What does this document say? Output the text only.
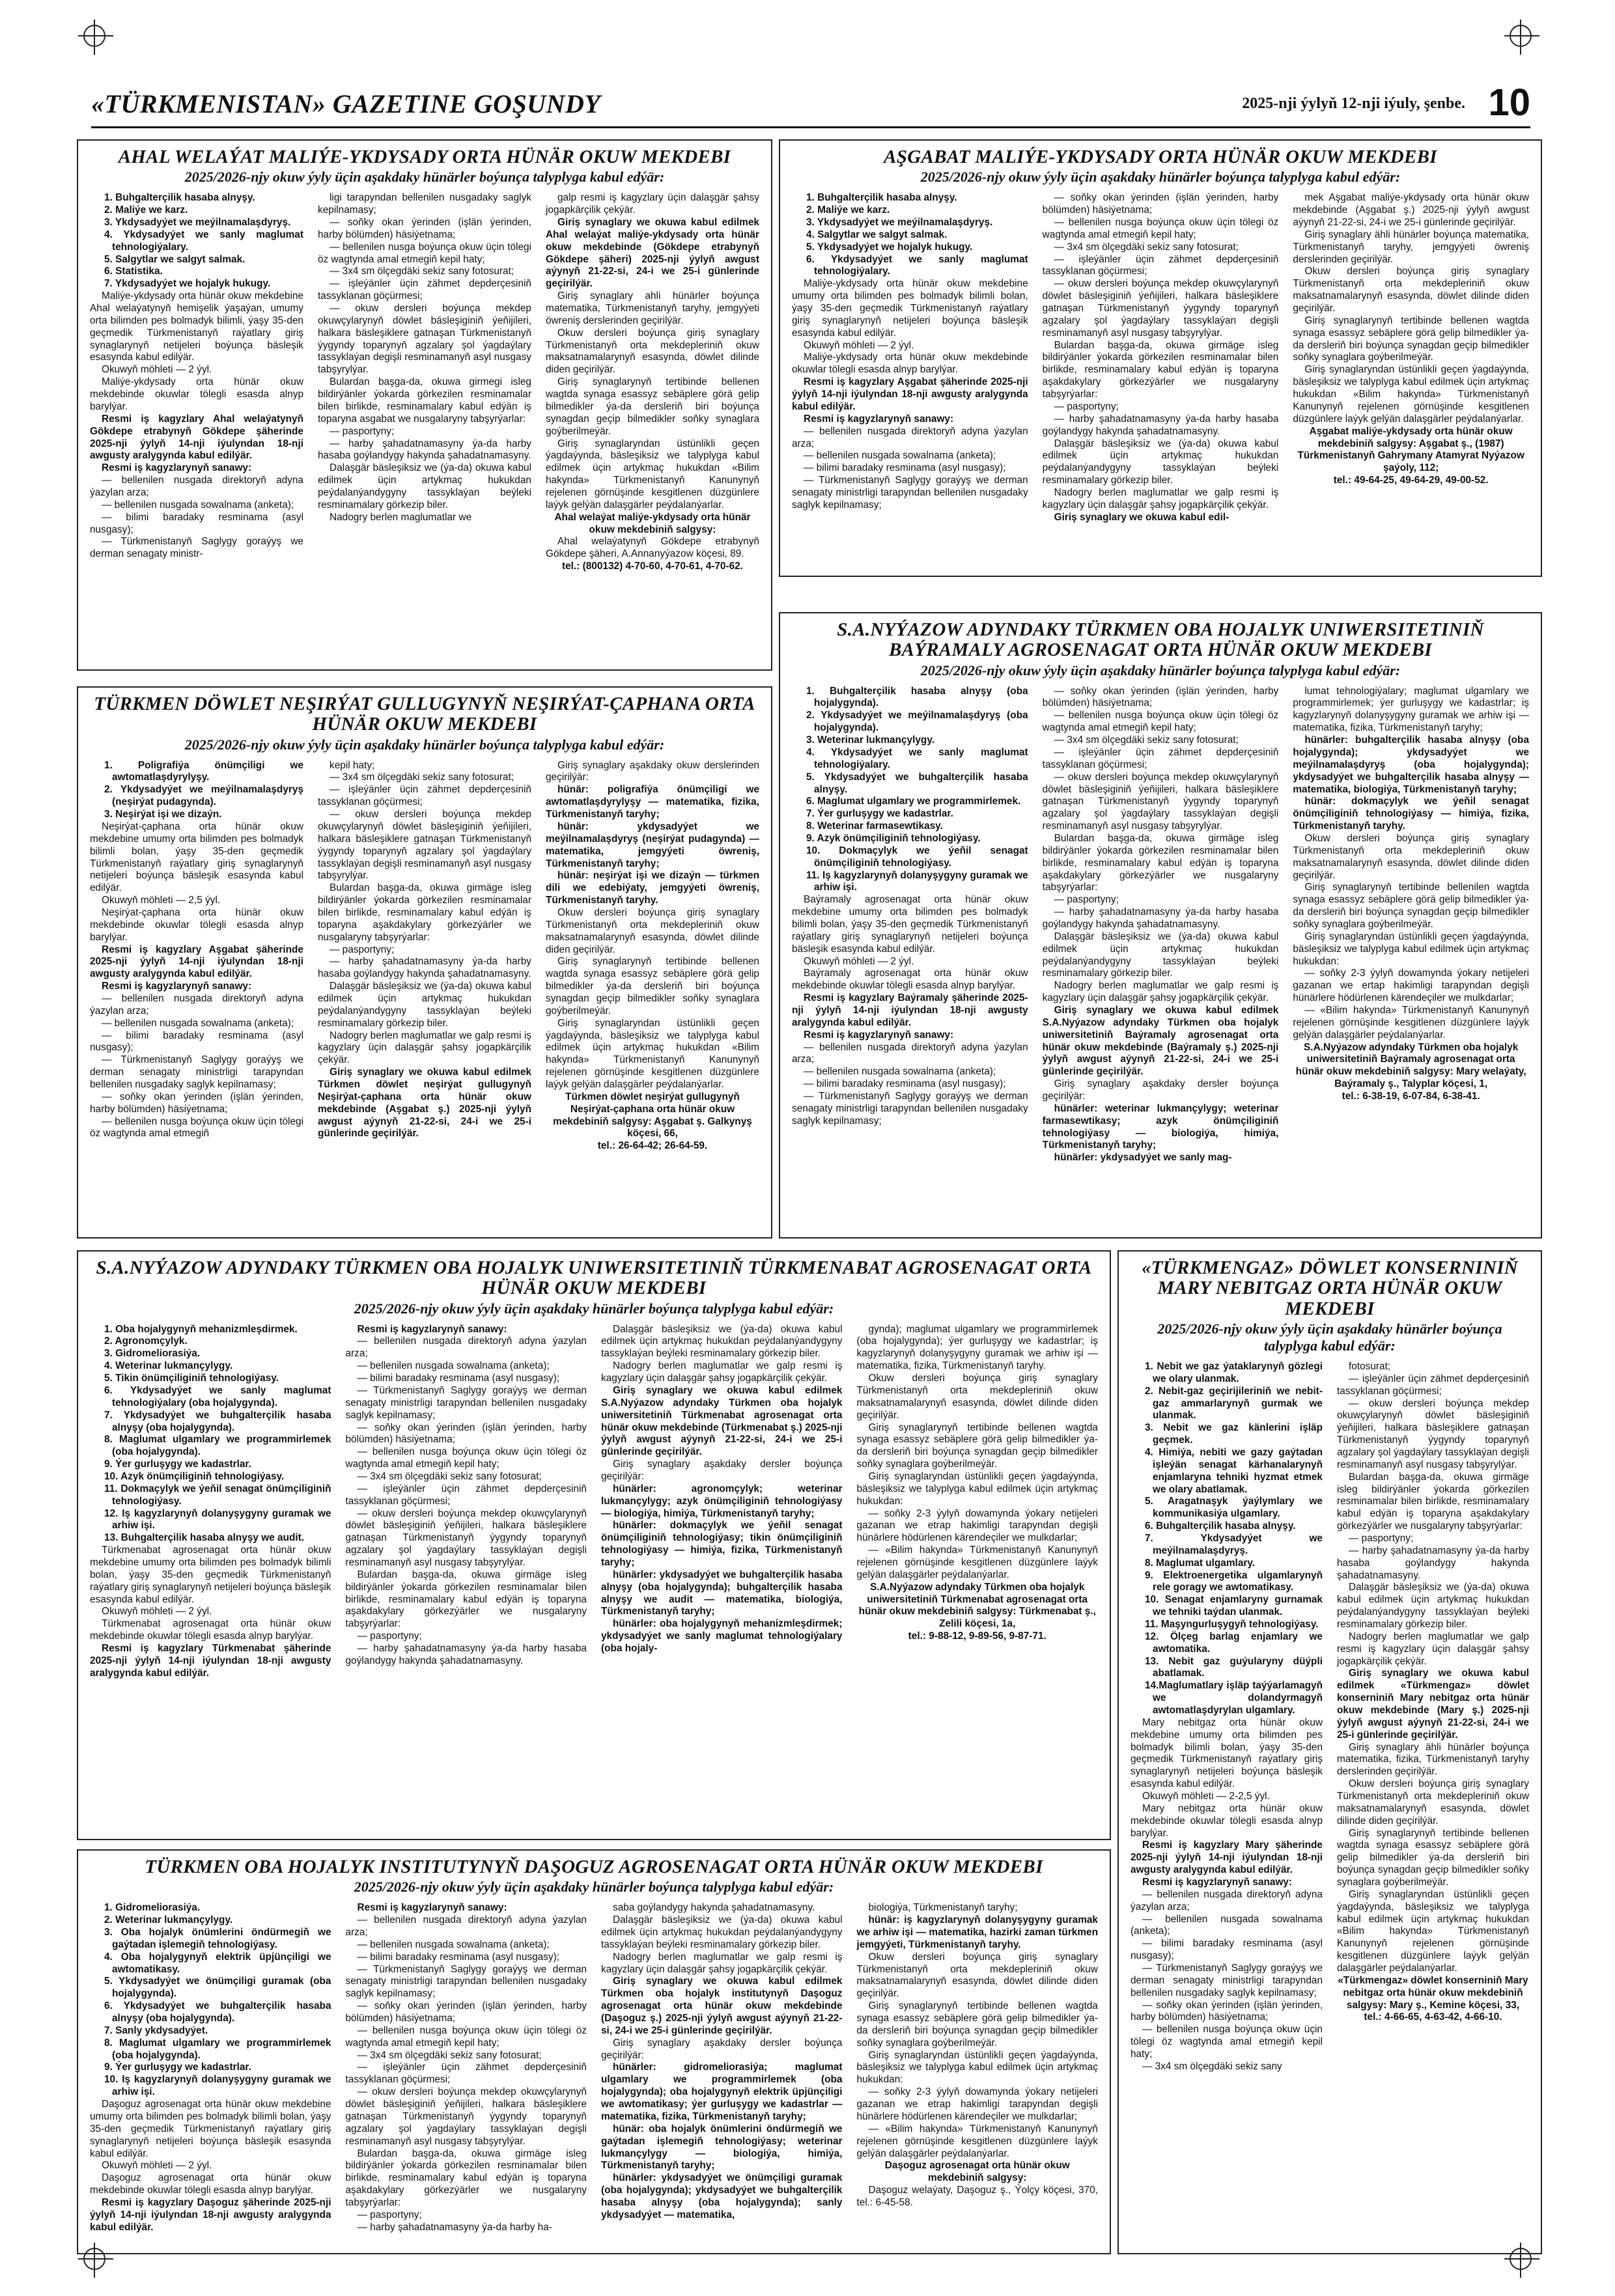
«TÜRKMENISTAN» GAZETINE GOŞUNDY	2025-nji ýylyň 12-nji iýuly, şenbe. 10
AHAL WELAÝAT MALIÝE-YKDYSADY ORTA HÜNÄR OKUW MEKDEBI
2025/2026-njy okuw ýyly üçin aşakdaky hünärler boýunça talyplyga kabul edýär:

1. Buhgalterçilik hasaba alnyşy.

2. Maliýe we karz.

3. Ykdysadyýet we meýilnamalaşdyryş.

4. Ykdysadyýet we sanly maglumat tehnologiýalary.

5. Salgytlar we salgyt salmak.

6. Statistika.

7. Ykdysadyýet we hojalyk hukugy.

Maliýe-ykdysady orta hünär okuw mekdebine Ahal welaýatynyň hemişelik ýaşaýan, umumy orta bilimden pes bolmadyk bilimli, ýaşy 35-den geçmedik Türkmenistanyň raýatlary giriş synaglarynyň netijeleri boýunça bäsleşik esasynda kabul edilýär.

Okuwyň möhleti — 2 ýyl.

Maliýe-ykdysady orta hünär okuw mekdebinde okuwlar tölegli esasda alnyp barylýar.

Resmi iş kagyzlary Ahal welaýatynyň Gökdepe etrabynyň Gökdepe şäherinde 2025-nji ýylyň 14-nji iýulyndan 18-nji awgusty aralygynda kabul edilýär.

Resmi iş kagyzlarynyň sanawy:

— bellenilen nusgada direktoryň adyna ýazylan arza;

— bellenilen nusgada sowalnama (anketa);

— bilimi baradaky resminama (asyl nusgasy);

— Türkmenistanyň Saglygy goraýyş we derman senagaty ministr-

ligi tarapyndan bellenilen nusgadaky saglyk kepilnamasy;

— soňky okan ýerinden (işlän ýerinden, harby bölümden) häsiýetnama;

— bellenilen nusga boýunça okuw üçin tölegi öz wagtynda amal etmegiň kepil haty;

— 3x4 sm ölçegdäki sekiz sany fotosurat;

— işleýänler üçin zähmet depderçesiniň tassyklanan göçürmesi;

— okuw dersleri boýunça mekdep okuwçylarynyň döwlet bäsleşiginiň ýeňijileri, halkara bäsleşiklere gatnaşan Türkmenistanyň ýygyndy toparynyň agzalary şol ýagdaýlary tassyklaýan degişli resminamanyň asyl nusgasy tabşyrylýar.

Bulardan başga-da, okuwa girmegi isleg bildirýänler ýokarda görkezilen resminamalar bilen birlikde, resminamalary kabul edýän iş toparyna asgabat we nusgalaryny tabşyrýarlar:

— pasportyny;

— harby şahadatnamasyny ýa-da harby hasaba goýlandygy hakynda şahadatnamasyny.

Dalaşgär bäsleşiksiz we (ýa-da) okuwa kabul edilmek üçin artykmaç hukukdan peýdalanýandygyny tassyklaýan beýleki resminamalary görkezip biler.

Nadogry berlen maglumatlar we

galp resmi iş kagyzlary üçin dalaşgär şahsy jogapkärçilik çekýär.

Giriş synaglary we okuwa kabul edilmek Ahal welaýat maliýe-ykdysady orta hünär okuw mekdebinde (Gökdepe etrabynyň Gökdepe şäheri) 2025-nji ýylyň awgust aýynyň 21-22-si, 24-i we 25-i günlerinde geçirilýär.

Giriş synaglary ahli hünärler boýunça matematika, Türkmenistanyň taryhy, jemgyýeti öwreniş derslerinden geçirilýär.

Okuw dersleri boýunça giriş synaglary Türkmenistanyň orta mekdepleriniň okuw maksatnamalarynyň esasynda, döwlet dilinde diden geçirilýär.

Giriş synaglarynyň tertibinde bellenen wagtda synaga esassyz sebäplere görä gelip bilmedikler ýa-da dersleriň biri boýunça synagdan geçip bilmedikler soňky synaglara goýberilmeýär.

Giriş synaglaryndan üstünlikli geçen ýagdaýynda, bäsleşiksiz we talyplyga kabul edilmek üçin artykmaç hukukdan «Bilim hakynda» Türkmenistanyň Kanunynyň rejelenen görnüşinde kesgitlenen düzgünlere laýyk gelýän dalaşgärler peýdalanýarlar.

Ahal welaýat maliýe-ykdysady orta hünär okuw mekdebiniň salgysy:

Ahal welaýatynyň Gökdepe etrabynyň Gökdepe şäheri, A.Annanyýazow köçesi, 89.

tel.: (800132) 4-70-60, 4-70-61, 4-70-62.

AŞGABAT MALIÝE-YKDYSADY ORTA HÜNÄR OKUW MEKDEBI
2025/2026-njy okuw ýyly üçin aşakdaky hünärler boýunça talyplyga kabul edýär:

1. Buhgalterçilik hasaba alnyşy.

2. Maliýe we karz.

3. Ykdysadyýet we meýilnamalaşdyryş.

4. Salgytlar we salgyt salmak.

5. Ykdysadyýet we hojalyk hukugy.

6. Ykdysadyýet we sanly maglumat tehnologiýalary.

Maliýe-ykdysady orta hünär okuw mekdebine umumy orta bilimden pes bolmadyk bilimli bolan, ýaşy 35-den geçmedik Türkmenistanyň raýatlary giriş synaglarynyň netijeleri boýunça bäsleşik esasynda kabul edilýär.

Okuwyň möhleti — 2 ýyl.

Maliýe-ykdysady orta hünär okuw mekdebinde okuwlar tölegli esasda alnyp barylýar.

Resmi iş kagyzlary Aşgabat şäherinde 2025-nji ýylyň 14-nji iýulyndan 18-nji awgusty aralygynda kabul edilýär.

Resmi iş kagyzlarynyň sanawy:

— bellenilen nusgada direktoryň adyna ýazylan arza;

— bellenilen nusgada sowalnama (anketa);

— bilimi baradaky resminama (asyl nusgasy);

— Türkmenistanyň Saglygy goraýyş we derman senagaty ministrligi tarapyndan bellenilen nusgadaky saglyk kepilnamasy;

— soňky okan ýerinden (işlän ýerinden, harby bölümden) häsiýetnama;

— bellenilen nusga boýunça okuw üçin tölegi öz wagtynda amal etmegiň kepil haty;

— 3x4 sm ölçegdäki sekiz sany fotosurat;

— işleýänler üçin zähmet depderçesiniň tassyklanan göçürmesi;

— okuw dersleri boýunça mekdep okuwçylarynyň döwlet bäsleşiginiň ýeňijileri, halkara bäsleşiklere gatnaşan Türkmenistanyň ýygyndy toparynyň agzalary şol ýagdaýlary tassyklaýan degişli resminamanyň asyl nusgasy tabşyrylýar.

Bulardan başga-da, okuwa girmäge isleg bildirýänler ýokarda görkezilen resminamalar bilen birlikde, resminamalary kabul edýän iş toparyna aşakdakylary görkezýärler we nusgalaryny tabşyrýarlar:

— pasportyny;

— harby şahadatnamasyny ýa-da harby hasaba goýlandygy hakynda şahadatnamasyny.

Dalaşgär bäsleşiksiz we (ýa-da) okuwa kabul edilmek üçin artykmaç hukukdan peýdalanýandygyny tassyklaýan beýleki resminamalary görkezip biler.

Nadogry berlen maglumatlar we galp resmi iş kagyzlary üçin dalaşgär şahsy jogapkärçilik çekýär.

Giriş synaglary we okuwa kabul edil-

mek Aşgabat maliýe-ykdysady orta hünär okuw mekdebinde (Aşgabat ş.) 2025-nji ýylyň awgust aýynyň 21-22-si, 24-i we 25-i günlerinde geçirilýär.

Giriş synaglary ähli hünärler boýunça matematika, Türkmenistanyň taryhy, jemgyýeti öwreniş derslerinden geçirilýär.

Okuw dersleri boýunça giriş synaglary Türkmenistanyň orta mekdepleriniň okuw maksatnamalarynyň esasynda, döwlet dilinde diden geçirilýär.

Giriş synaglarynyň tertibinde bellenen wagtda synaga esassyz sebäplere görä gelip bilmedikler ýa-da dersleriň biri boýunça synagdan geçip bilmedikler soňky synaglara goýberilmeýär.

Giriş synaglaryndan üstünlikli geçen ýagdaýynda, bäsleşiksiz we talyplyga kabul edilmek üçin artykmaç hukukdan «Bilim hakynda» Türkmenistanyň Kanunynyň rejelenen görnüşinde kesgitlenen düzgünlere laýyk gelýän dalaşgärler peýdalanýarlar.

Aşgabat maliýe-ykdysady orta hünär okuw mekdebiniň salgysy: Aşgabat ş., (1987) Türkmenistanyň Gahrymany Atamyrat Nyýazow şaýoly, 112;

tel.: 49-64-25, 49-64-29, 49-00-52.

TÜRKMEN DÖWLET NEŞIRÝAT GULLUGYNYŇ NEŞIRÝAT-ÇAPHANA ORTA HÜNÄR OKUW MEKDEBI
2025/2026-njy okuw ýyly üçin aşakdaky hünärler boýunça talyplyga kabul edýär:

1. Poligrafiýa önümçiligi we awtomatlaşdyrylyşy.

2. Ykdysadyýet we meýilnamalaşdyryş (neşirýat pudagynda).

3. Neşirýat işi we dizaýn.

Neşirýat-çaphana orta hünär okuw mekdebine umumy orta bilimden pes bolmadyk bilimli bolan, ýaşy 35-den geçmedik Türkmenistanyň raýatlary giriş synaglarynyň netijeleri boýunça bäsleşik esasynda kabul edilýär.

Okuwyň möhleti — 2,5 ýyl.

Neşirýat-çaphana orta hünär okuw mekdebinde okuwlar tölegli esasda alnyp barylýar.

Resmi iş kagyzlary Aşgabat şäherinde 2025-nji ýylyň 14-nji iýulyndan 18-nji awgusty aralygynda kabul edilýär.

Resmi iş kagyzlarynyň sanawy:

— bellenilen nusgada direktoryň adyna ýazylan arza;

— bellenilen nusgada sowalnama (anketa);

— bilimi baradaky resminama (asyl nusgasy);

— Türkmenistanyň Saglygy goraýyş we derman senagaty ministrligi tarapyndan bellenilen nusgadaky saglyk kepilnamasy;

— soňky okan ýerinden (işlän ýerinden, harby bölümden) häsiýetnama;

— bellenilen nusga boýunça okuw üçin tölegi öz wagtynda amal etmegiň

kepil haty;

— 3x4 sm ölçegdäki sekiz sany fotosurat;

— işleýänler üçin zähmet depderçesiniň tassyklanan göçürmesi;

— okuw dersleri boýunça mekdep okuwçylarynyň döwlet bäsleşiginiň ýeňijileri, halkara bäsleşiklere gatnaşan Türkmenistanyň ýygyndy toparynyň agzalary şol ýagdaýlary tassyklaýan degişli resminamanyň asyl nusgasy tabşyrylýar.

Bulardan başga-da, okuwa girmäge isleg bildirýänler ýokarda görkezilen resminamalar bilen birlikde, resminamalary kabul edýän iş toparyna aşakdakylary görkezýärler we nusgalaryny tabşyrýarlar:

— pasportyny;

— harby şahadatnamasyny ýa-da harby hasaba goýlandygy hakynda şahadatnamasyny.

Dalaşgär bäsleşiksiz we (ýa-da) okuwa kabul edilmek üçin artykmaç hukukdan peýdalanýandygyny tassyklaýan beýleki resminamalary görkezip biler.

Nadogry berlen maglumatlar we galp resmi iş kagyzlary üçin dalaşgär şahsy jogapkärçilik çekýär.

Giriş synaglary we okuwa kabul edilmek Türkmen döwlet neşirýat gullugynyň Neşirýat-çaphana orta hünär okuw mekdebinde (Aşgabat ş.) 2025-nji ýylyň awgust aýynyň 21-22-si, 24-i we 25-i günlerinde geçirilýär.

Giriş synaglary aşakdaky okuw derslerinden geçirilýär:

hünär: poligrafiýa önümçiligi we awtomatlaşdyrylyşy — matematika, fizika, Türkmenistanyň taryhy;

hünär: ykdysadyýet we meýilnamalaşdyryş (neşirýat pudagynda) — matematika, jemgyýeti öwreniş, Türkmenistanyň taryhy;

hünär: neşirýat işi we dizaýn — türkmen dili we edebiýaty, jemgyýeti öwreniş, Türkmenistanyň taryhy.

Okuw dersleri boýunça giriş synaglary Türkmenistanyň orta mekdepleriniň okuw maksatnamalarynyň esasynda, döwlet dilinde diden geçirilýär.

Giriş synaglarynyň tertibinde bellenen wagtda synaga esassyz sebäplere görä gelip bilmedikler ýa-da dersleriň biri boýunça synagdan geçip bilmedikler soňky synaglara goýberilmeýär.

Giriş synaglaryndan üstünlikli geçen ýagdaýynda, bäsleşiksiz we talyplyga kabul edilmek üçin artykmaç hukukdan «Bilim hakynda» Türkmenistanyň Kanunynyň rejelenen görnüşinde kesgitlenen düzgünlere laýyk gelýän dalaşgärler peýdalanýarlar.

Türkmen döwlet neşirýat gullugynyň Neşirýat-çaphana orta hünär okuw mekdebiniň salgysy: Aşgabat ş. Galkynyş köçesi, 66,

tel.: 26-64-42; 26-64-59.

S.A.NYÝAZOW ADYNDAKY TÜRKMEN OBA HOJALYK UNIWERSITETINIŇ BAÝRAMALY AGROSENAGAT ORTA HÜNÄR OKUW MEKDEBI
2025/2026-njy okuw ýyly üçin aşakdaky hünärler boýunça talyplyga kabul edýär:

1. Buhgalterçilik hasaba alnyşy (oba hojalygynda).

2. Ykdysadyýet we meýilnamalaşdyryş (oba hojalygynda).

3. Weterinar lukmançylygy.

4. Ykdysadyýet we sanly maglumat tehnologiýalary.

5. Ykdysadyýet we buhgalterçilik hasaba alnyşy.

6. Maglumat ulgamlary we programmirlemek.

7. Ýer gurluşygy we kadastrlar.

8. Weterinar farmasewtikasy.

9. Azyk önümçiliginiň tehnologiýasy.

10. Dokmaçylyk we ýeňil senagat önümçiliginiň tehnologiýasy.

11. Iş kagyzlarynyň dolanyşygyny guramak we arhiw işi.

Baýramaly agrosenagat orta hünär okuw mekdebine umumy orta bilimden pes bolmadyk bilimli bolan, ýaşy 35-den geçmedik Türkmenistanyň raýatlary giriş synaglarynyň netijeleri boýunça bäsleşik esasynda kabul edilýär.

Okuwyň möhleti — 2 ýyl.

Baýramaly agrosenagat orta hünär okuw mekdebinde okuwlar tölegli esasda alnyp barylýar.

Resmi iş kagyzlary Baýramaly şäherinde 2025-nji ýylyň 14-nji iýulyndan 18-nji awgusty aralygynda kabul edilýär.

Resmi iş kagyzlarynyň sanawy:

— bellenilen nusgada direktoryň adyna ýazylan arza;

— bellenilen nusgada sowalnama (anketa);

— bilimi baradaky resminama (asyl nusgasy);

— Türkmenistanyň Saglygy goraýyş we derman senagaty ministrligi tarapyndan bellenilen nusgadaky saglyk kepilnamasy;

— soňky okan ýerinden (işlän ýerinden, harby bölümden) häsiýetnama;

— bellenilen nusga boýunça okuw üçin tölegi öz wagtynda amal etmegiň kepil haty;

— 3x4 sm ölçegdäki sekiz sany fotosurat;

— işleýänler üçin zähmet depderçesiniň tassyklanan göçürmesi;

— okuw dersleri boýunça mekdep okuwçylarynyň döwlet bäsleşiginiň ýeňijileri, halkara bäsleşiklere gatnaşan Türkmenistanyň ýygyndy toparynyň agzalary şol ýagdaýlary tassyklaýan degişli resminamanyň asyl nusgasy tabşyrylýar.

Bulardan başga-da, okuwa girmäge isleg bildirýänler ýokarda görkezilen resminamalar bilen birlikde, resminamalary kabul edýän iş toparyna aşakdakylary görkezýärler we nusgalaryny tabşyrýarlar:

— pasportyny;

— harby şahadatnamasyny ýa-da harby hasaba goýlandygy hakynda şahadatnamasyny.

Dalaşgär bäsleşiksiz we (ýa-da) okuwa kabul edilmek üçin artykmaç hukukdan peýdalanýandygyny tassyklaýan beýleki resminamalary görkezip biler.

Nadogry berlen maglumatlar we galp resmi iş kagyzlary üçin dalaşgär şahsy jogapkärçilik çekýär.

Giriş synaglary we okuwa kabul edilmek S.A.Nyýazow adyndaky Türkmen oba hojalyk uniwersitetiniň Baýramaly agrosenagat orta hünär okuw mekdebinde (Baýramaly ş.) 2025-nji ýylyň awgust aýynyň 21-22-si, 24-i we 25-i günlerinde geçirilýär.

Giriş synaglary aşakdaky dersler boýunça geçirilýär:

hünärler: weterinar lukmançylygy; weterinar farmasewtikasy; azyk önümçiliginiň tehnologiýasy — biologiýa, himiýa, Türkmenistanyň taryhy;

hünärler: ykdysadyýet we sanly mag-

lumat tehnologiýalary; maglumat ulgamlary we programmirlemek; ýer gurluşygy we kadastrlar; iş kagyzlarynyň dolanyşygyny guramak we arhiw işi — matematika, fizika, Türkmenistanyň taryhy;

hünärler: buhgalterçilik hasaba alnyşy (oba hojalygynda); ykdysadyýet we meýilnamalaşdyryş (oba hojalygynda); ykdysadyýet we buhgalterçilik hasaba alnyşy — matematika, biologiýa, Türkmenistanyň taryhy;

hünär: dokmaçylyk we ýeňil senagat önümçiliginiň tehnologiýasy — himiýa, fizika, Türkmenistanyň taryhy.

Okuw dersleri boýunça giriş synaglary Türkmenistanyň orta mekdepleriniň okuw maksatnamalarynyň esasynda, döwlet dilinde diden geçirilýär.

Giriş synaglarynyň tertibinde bellenilen wagtda synaga esassyz sebäplere görä gelip bilmedikler ýa-da dersleriň biri boýunça synagdan geçip bilmedikler soňky synaglara goýberilmeýär.

Giriş synaglaryndan üstünlikli geçen ýagdaýynda, bäsleşiksiz we talyplyga kabul edilmek üçin artykmaç hukukdan:

— soňky 2-3 ýylyň dowamynda ýokary netijeleri gazanan we ertap hakimligi tarapyndan degişli hünärlere hödürlenen kärendeçiler we mulkdarlar;

— «Bilim hakynda» Türkmenistanyň Kanunynyň rejelenen görnüşinde kesgitlenen düzgünlere laýyk gelýän dalaşgärler peýdalanýarlar.

S.A.Nyýazow adyndaky Türkmen oba hojalyk uniwersitetiniň Baýramaly agrosenagat orta hünär okuw mekdebiniň salgysy: Mary welaýaty, Baýramaly ş., Talyplar köçesi, 1,

tel.: 6-38-19, 6-07-84, 6-38-41.

S.A.NYÝAZOW ADYNDAKY TÜRKMEN OBA HOJALYK UNIWERSITETINIŇ TÜRKMENABAT AGROSENAGAT ORTA HÜNÄR OKUW MEKDEBI
2025/2026-njy okuw ýyly üçin aşakdaky hünärler boýunça talyplyga kabul edýär:

1. Oba hojalygynyň mehanizmleşdirmek.

2. Agronomçylyk.

3. Gidromeliorasiýa.

4. Weterinar lukmançylygy.

5. Tikin önümçiliginiň tehnologiýasy.

6. Ykdysadyýet we sanly maglumat tehnologiýalary (oba hojalygynda).

7. Ykdysadyýet we buhgalterçilik hasaba alnyşy (oba hojalygynda).

8. Maglumat ulgamlary we programmirlemek (oba hojalygynda).

9. Ýer gurluşygy we kadastrlar.

10. Azyk önümçiliginiň tehnologiýasy.

11. Dokmaçylyk we ýeňil senagat önümçiliginiň tehnologiýasy.

12. Iş kagyzlarynyň dolanyşygyny guramak we arhiw işi.

13. Buhgalterçilik hasaba alnyşy we audit.

Türkmenabat agrosenagat orta hünär okuw mekdebine umumy orta bilimden pes bolmadyk bilimli bolan, ýaşy 35-den geçmedik Türkmenistanyň raýatlary giriş synaglarynyň netijeleri boýunça bäsleşik esasynda kabul edilýär.

Okuwyň möhleti — 2 ýyl.

Türkmenabat agrosenagat orta hünär okuw mekdebinde okuwlar tölegli esasda alnyp barylýar.

Resmi iş kagyzlary Türkmenabat şäherinde 2025-nji ýylyň 14-nji iýulyndan 18-nji awgusty aralygynda kabul edilýär.

Resmi iş kagyzlarynyň sanawy:

— bellenilen nusgada direktoryň adyna ýazylan arza;

— bellenilen nusgada sowalnama (anketa);

— bilimi baradaky resminama (asyl nusgasy);

— Türkmenistanyň Saglygy goraýyş we derman senagaty ministrligi tarapyndan bellenilen nusgadaky saglyk kepilnamasy;

— soňky okan ýerinden (işlän ýerinden, harby bölümden) häsiýetnama;

— bellenilen nusga boýunça okuw üçin tölegi öz wagtynda amal etmegiň kepil haty;

— 3x4 sm ölçegdäki sekiz sany fotosurat;

— işleýänler üçin zähmet depderçesiniň tassyklanan göçürmesi;

— okuw dersleri boýunça mekdep okuwçylarynyň döwlet bäsleşiginiň ýeňijileri, halkara bäsleşiklere gatnaşan Türkmenistanyň ýygyndy toparynyň agzalary şol ýagdaýlary tassyklaýan degişli resminamanyň asyl nusgasy tabşyrylýar.

Bulardan başga-da, okuwa girmäge isleg bildirýänler ýokarda görkezilen resminamalar bilen birlikde, resminamalary kabul edýän iş toparyna aşakdakylary görkezýärler we nusgalaryny tabşyrýarlar:

— pasportyny;

— harby şahadatnamasyny ýa-da harby hasaba goýlandygy hakynda şahadatnamasyny.

Dalaşgär bäsleşiksiz we (ýa-da) okuwa kabul edilmek üçin artykmaç hukukdan peýdalanýandygyny tassyklaýan beýleki resminamalary görkezip biler.

Nadogry berlen maglumatlar we galp resmi iş kagyzlary üçin dalaşgär şahsy jogapkärçilik çekýär.

Giriş synaglary we okuwa kabul edilmek S.A.Nyýazow adyndaky Türkmen oba hojalyk uniwersitetiniň Türkmenabat agrosenagat orta hünär okuw mekdebinde (Türkmenabat ş.) 2025-nji ýylyň awgust aýynyň 21-22-si, 24-i we 25-i günlerinde geçirilýär.

Giriş synaglary aşakdaky dersler boýunça geçirilýär:

hünärler: agronomçylyk; weterinar lukmançylygy; azyk önümçiliginiň tehnologiýasy — biologiýa, himiýa, Türkmenistanyň taryhy;

hünärler: dokmaçylyk we ýeňil senagat önümçiliginiň tehnologiýasy; tikin önümçiliginiň tehnologiýasy — himiýa, fizika, Türkmenistanyň taryhy;

hünärler: ykdysadyýet we buhgalterçilik hasaba alnyşy (oba hojalygynda); buhgalterçilik hasaba alnyşy we audit — matematika, biologiýa, Türkmenistanyň taryhy;

hünärler: oba hojalygynyň mehanizmleşdirmek; ykdysadyýet we sanly maglumat tehnologiýalary (oba hojaly-

gynda); maglumat ulgamlary we programmirlemek (oba hojalygynda); ýer gurluşygy we kadastrlar; iş kagyzlarynyň dolanyşygyny guramak we arhiw işi — matematika, fizika, Türkmenistanyň taryhy.

Okuw dersleri boýunça giriş synaglary Türkmenistanyň orta mekdepleriniň okuw maksatnamalarynyň esasynda, döwlet dilinde diden geçirilýär.

Giriş synaglarynyň tertibinde bellenen wagtda synaga esassyz sebäplere görä gelip bilmedikler ýa-da dersleriň biri boýunça synagdan geçip bilmedikler soňky synaglara goýberilmeýär.

Giriş synaglaryndan üstünlikli geçen ýagdaýynda, bäsleşiksiz we talyplyga kabul edilmek üçin artykmaç hukukdan:

— soňky 2-3 ýylyň dowamynda ýokary netijeleri gazanan we etrap hakimligi tarapyndan degişli hünärlere hödürlenen kärendeçiler we mulkdarlar;

— «Bilim hakynda» Türkmenistanyň Kanunynyň rejelenen görnüşinde kesgitlenen düzgünlere laýyk gelýän dalaşgärler peýdalanýarlar.

S.A.Nyýazow adyndaky Türkmen oba hojalyk uniwersitetiniň Türkmenabat agrosenagat orta hünär okuw mekdebiniň salgysy: Türkmenabat ş., Zelili köçesi, 1a,

tel.: 9-88-12, 9-89-56, 9-87-71.

TÜRKMEN OBA HOJALYK INSTITUTYNYŇ DAŞOGUZ AGROSENAGAT ORTA HÜNÄR OKUW MEKDEBI
2025/2026-njy okuw ýyly üçin aşakdaky hünärler boýunça talyplyga kabul edýär:

1. Gidromeliorasiýa.

2. Weterinar lukmançylygy.

3. Oba hojalyk önümlerini öndürmegiň we gaýtadan işlemegiň tehnologiýasy.

4. Oba hojalygynyň elektrik üpjünçiligi we awtomatikasy.

5. Ykdysadyýet we önümçiligi guramak (oba hojalygynda).

6. Ykdysadyýet we buhgalterçilik hasaba alnyşy (oba hojalygynda).

7. Sanly ykdysadyýet.

8. Maglumat ulgamlary we programmirlemek (oba hojalygynda).

9. Ýer gurluşygy we kadastrlar.

10. Iş kagyzlarynyň dolanyşygyny guramak we arhiw işi.

Daşoguz agrosenagat orta hünär okuw mekdebine umumy orta bilimden pes bolmadyk bilimli bolan, ýaşy 35-den geçmedik Türkmenistanyň raýatlary giriş synaglarynyň netijeleri boýunça bäsleşik esasynda kabul edilýär.

Okuwyň möhleti — 2 ýyl.

Daşoguz agrosenagat orta hünär okuw mekdebinde okuwlar tölegli esasda alnyp barylýar.

Resmi iş kagyzlary Daşoguz şäherinde 2025-nji ýylyň 14-nji iýulyndan 18-nji awgusty aralygynda kabul edilýär.

Resmi iş kagyzlarynyň sanawy:

— bellenilen nusgada direktoryň adyna ýazylan arza;

— bellenilen nusgada sowalnama (anketa);

— bilimi baradaky resminama (asyl nusgasy);

— Türkmenistanyň Saglygy goraýyş we derman senagaty ministrligi tarapyndan bellenilen nusgadaky saglyk kepilnamasy;

— soňky okan ýerinden (işlän ýerinden, harby bölümden) häsiýetnama;

— bellenilen nusga boýunça okuw üçin tölegi öz wagtynda amal etmegiň kepil haty;

— 3x4 sm ölçegdäki sekiz sany fotosurat;

— işleýänler üçin zähmet depderçesiniň tassyklanan göçürmesi;

— okuw dersleri boýunça mekdep okuwçylarynyň döwlet bäsleşiginiň ýeňijileri, halkara bäsleşiklere gatnaşan Türkmenistanyň ýygyndy toparynyň agzalary şol ýagdaýlary tassyklaýan degişli resminamanyň asyl nusgasy tabşyrylýar.

Bulardan başga-da, okuwa girmäge isleg bildirýänler ýokarda görkezilen resminamalar bilen birlikde, resminamalary kabul edýän iş toparyna aşakdakylary görkezýärler we nusgalaryny tabşyrýarlar:

— pasportyny;

— harby şahadatnamasyny ýa-da harby ha-

saba goýlandygy hakynda şahadatnamasyny.

Dalaşgär bäsleşiksiz we (ýa-da) okuwa kabul edilmek üçin artykmaç hukukdan peýdalanýandygyny tassyklaýan beýleki resminamalary görkezip biler.

Nadogry berlen maglumatlar we galp resmi iş kagyzlary üçin dalaşgär şahsy jogapkärçilik çekýär.

Giriş synaglary we okuwa kabul edilmek Türkmen oba hojalyk institutynyň Daşoguz agrosenagat orta hünär okuw mekdebinde (Daşoguz ş.) 2025-nji ýylyň awgust aýynyň 21-22-si, 24-i we 25-i günlerinde geçirilýär.

Giriş synaglary aşakdaky dersler boýunça geçirilýär:

hünärler: gidromeliorasiýa; maglumat ulgamlary we programmirlemek (oba hojalygynda); oba hojalygynyň elektrik üpjünçiligi we awtomatikasy; ýer gurluşygy we kadastrlar — matematika, fizika, Türkmenistanyň taryhy;

hünär: oba hojalyk önümlerini öndürmegiň we gaýtadan işlemegiň tehnologiýasy; weterinar lukmançylygy — biologiýa, himiýa, Türkmenistanyň taryhy;

hünärler: ykdysadyýet we önümçiligi guramak (oba hojalygynda); ykdysadyýet we buhgalterçilik hasaba alnyşy (oba hojalygynda); sanly ykdysadyýet — matematika,

biologiýa, Türkmenistanyň taryhy;

hünär: iş kagyzlarynyň dolanyşygyny guramak we arhiw işi — matematika, hazirki zaman türkmen jemgyýeti, Türkmenistanyň taryhy.

Okuw dersleri boýunça giriş synaglary Türkmenistanyň orta mekdepleriniň okuw maksatnamalarynyň esasynda, döwlet dilinde diden geçirilýär.

Giriş synaglarynyň tertibinde bellenen wagtda synaga esassyz sebäplere görä gelip bilmedikler ýa-da dersleriň biri boýunça synagdan geçip bilmedikler soňky synaglara goýberilmeýär.

Giriş synaglaryndan üstünlikli geçen ýagdaýynda, bäsleşiksiz we talyplyga kabul edilmek üçin artykmaç hukukdan:

— soňky 2-3 ýylyň dowamynda ýokary netijeleri gazanan we etrap hakimligi tarapyndan degişli hünärlere hödürlenen kärendeçiler we mulkdarlar;

— «Bilim hakynda» Türkmenistanyň Kanunynyň rejelenen görnüşinde kesgitlenen düzgünlere laýyk gelýän dalaşgärler peýdalanýarlar.

Daşoguz agrosenagat orta hünär okuw mekdebiniň salgysy:

Daşoguz welaýaty, Daşoguz ş., Ýolçy köçesi, 370, tel.: 6-45-58.

«TÜRKMENGAZ» DÖWLET KONSERNINIŇ MARY NEBITGAZ ORTA HÜNÄR OKUW MEKDEBI
2025/2026-njy okuw ýyly üçin aşakdaky hünärler boýunça talyplyga kabul edýär:

1. Nebit we gaz ýataklarynyň gözlegi we olary ulanmak.

2. Nebit-gaz geçirijileriniň we nebit-gaz ammarlarynyň gurmak we ulanmak.

3. Nebit we gaz känlerini işläp geçmek.

4. Himiýa, nebiti we gazy gaýtadan işleýän senagat kärhanalarynyň enjamlaryna tehniki hyzmat etmek we olary abatlamak.

5. Aragatnaşyk ýaýlymlary we kommunikasiýa ulgamlary.

6. Buhgalterçilik hasaba alnyşy.

7. Ykdysadyýet we meýilnamalaşdyryş.

8. Maglumat ulgamlary.

9. Elektroenergetika ulgamlarynyň rele goragy we awtomatikasy.

10. Senagat enjamlaryny gurnamak we tehniki taýdan ulanmak.

11. Maşyngurluşygyň tehnologiýasy.

12. Ölçeg barlag enjamlary we awtomatika.

13. Nebit gaz guýularyny düýpli abatlamak.

14.Maglumatlary işläp taýýarlamagyň we dolandyrmagyň awtomatlaşdyrylan ulgamlary.

Mary nebitgaz orta hünär okuw mekdebine umumy orta bilimden pes bolmadyk bilimli bolan, ýaşy 35-den geçmedik Türkmenistanyň raýatlary giriş synaglarynyň netijeleri boýunça bäsleşik esasynda kabul edilýär.

Okuwyň möhleti — 2-2,5 ýyl.

Mary nebitgaz orta hünär okuw mekdebinde okuwlar tölegli esasda alnyp barylýar.

Resmi iş kagyzlary Mary şäherinde 2025-nji ýylyň 14-nji iýulyndan 18-nji awgusty aralygynda kabul edilýär.

Resmi iş kagyzlarynyň sanawy:

— bellenilen nusgada direktoryň adyna ýazylan arza;

— bellenilen nusgada sowalnama (anketa);

— bilimi baradaky resminama (asyl nusgasy);

— Türkmenistanyň Saglygy goraýyş we derman senagaty ministrligi tarapyndan bellenilen nusgadaky saglyk kepilnamasy;

— soňky okan ýerinden (işlän ýerinden, harby bölümden) häsiýetnama;

— bellenilen nusga boýunça okuw üçin tölegi öz wagtynda amal etmegiň kepil haty;

— 3x4 sm ölçegdäki sekiz sany

fotosurat;

— işleýänler üçin zähmet depderçesiniň tassyklanan göçürmesi;

— okuw dersleri boýunça mekdep okuwçylarynyň döwlet bäsleşiginiň ýeňijileri, halkara bäsleşiklere gatnaşan Türkmenistanyň ýygyndy toparynyň agzalary şol ýagdaýlary tassyklaýan degişli resminamanyň asyl nusgasy tabşyrylýar.

Bulardan başga-da, okuwa girmäge isleg bildirýänler ýokarda görkezilen resminamalar bilen birlikde, resminamalary kabul edýän iş toparyna aşakdakylary görkezýärler we nusgalaryny tabşyrýarlar:

— pasportyny;

— harby şahadatnamasyny ýa-da harby hasaba goýlandygy hakynda şahadatnamasyny.

Dalaşgär bäsleşiksiz we (ýa-da) okuwa kabul edilmek üçin artykmaç hukukdan peýdalanýandygyny tassyklaýan beýleki resminamalary görkezip biler.

Nadogry berlen maglumatlar we galp resmi iş kagyzlary üçin dalaşgär şahsy jogapkärçilik çekýär.

Giriş synaglary we okuwa kabul edilmek «Türkmengaz» döwlet konserniniň Mary nebitgaz orta hünär okuw mekdebinde (Mary ş.) 2025-nji ýylyň awgust aýynyň 21-22-si, 24-i we 25-i günlerinde geçirilýär.

Giriş synaglary ähli hünärler boýunça matematika, fizika, Türkmenistanyň taryhy derslerinden geçirilýär.

Okuw dersleri boýunça giriş synaglary Türkmenistanyň orta mekdepleriniň okuw maksatnamalarynyň esasynda, döwlet dilinde diden geçirilýär.

Giriş synaglarynyň tertibinde bellenen wagtda synaga esassyz sebäplere görä gelip bilmedikler ýa-da dersleriň biri boýunça synagdan geçip bilmedikler soňky synaglara goýberilmeýär.

Giriş synaglaryndan üstünlikli geçen ýagdaýynda, bäsleşiksiz we talyplyga kabul edilmek üçin artykmaç hukukdan «Bilim hakynda» Türkmenistanyň Kanunynyň rejelenen görnüşinde kesgitlenen düzgünlere laýyk gelýän dalaşgärler peýdalanýarlar.

«Türkmengaz» döwlet konserniniň Mary nebitgaz orta hünär okuw mekdebiniň salgysy: Mary ş., Kemine köçesi, 33,

tel.: 4-66-65, 4-63-42, 4-66-10.
